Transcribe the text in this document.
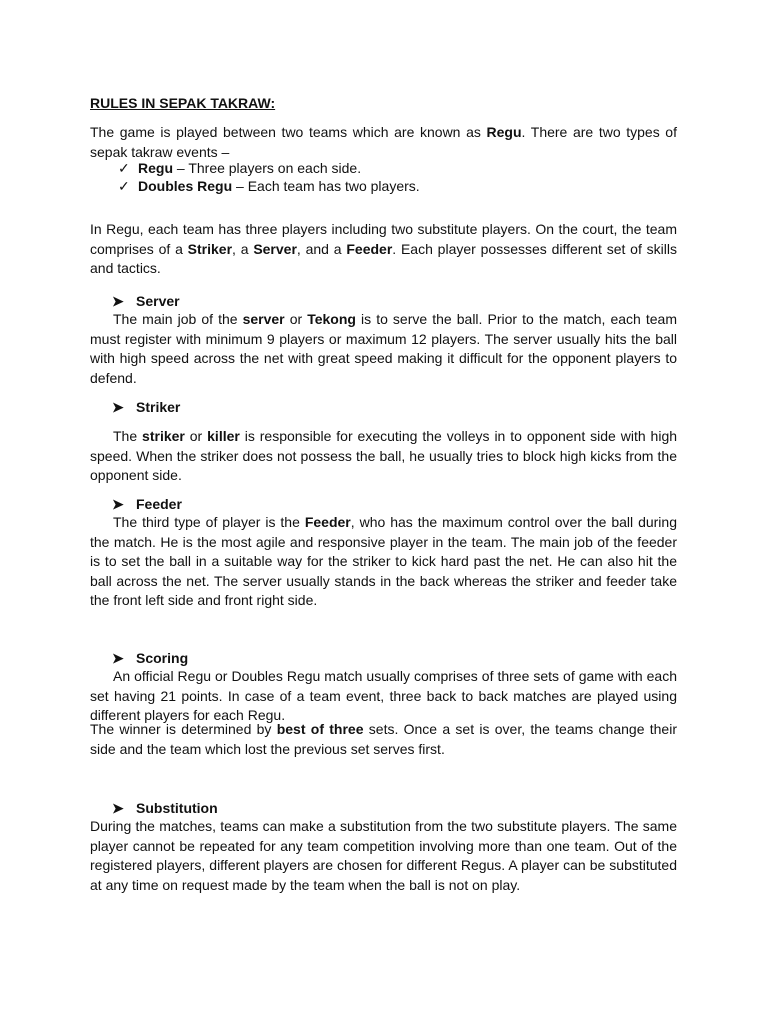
RULES IN SEPAK TAKRAW:

The game is played between two teams which are known as Regu. There are two types of sepak takraw events –

✓ Regu – Three players on each side.

✓ Doubles Regu – Each team has two players.

In Regu, each team has three players including two substitute players. On the court, the team comprises of a Striker, a Server, and a Feeder. Each player possesses different set of skills and tactics.

➤ Server

The main job of the server or Tekong is to serve the ball. Prior to the match, each team must register with minimum 9 players or maximum 12 players. The server usually hits the ball with high speed across the net with great speed making it difficult for the opponent players to defend.

➤ Striker

The striker or killer is responsible for executing the volleys in to opponent side with high speed. When the striker does not possess the ball, he usually tries to block high kicks from the opponent side.

➤ Feeder

The third type of player is the Feeder, who has the maximum control over the ball during the match. He is the most agile and responsive player in the team. The main job of the feeder is to set the ball in a suitable way for the striker to kick hard past the net. He can also hit the ball across the net. The server usually stands in the back whereas the striker and feeder take the front left side and front right side.

➤ Scoring

An official Regu or Doubles Regu match usually comprises of three sets of game with each set having 21 points. In case of a team event, three back to back matches are played using different players for each Regu.

The winner is determined by best of three sets. Once a set is over, the teams change their side and the team which lost the previous set serves first.

➤ Substitution

During the matches, teams can make a substitution from the two substitute players. The same player cannot be repeated for any team competition involving more than one team. Out of the registered players, different players are chosen for different Regus. A player can be substituted at any time on request made by the team when the ball is not on play.
